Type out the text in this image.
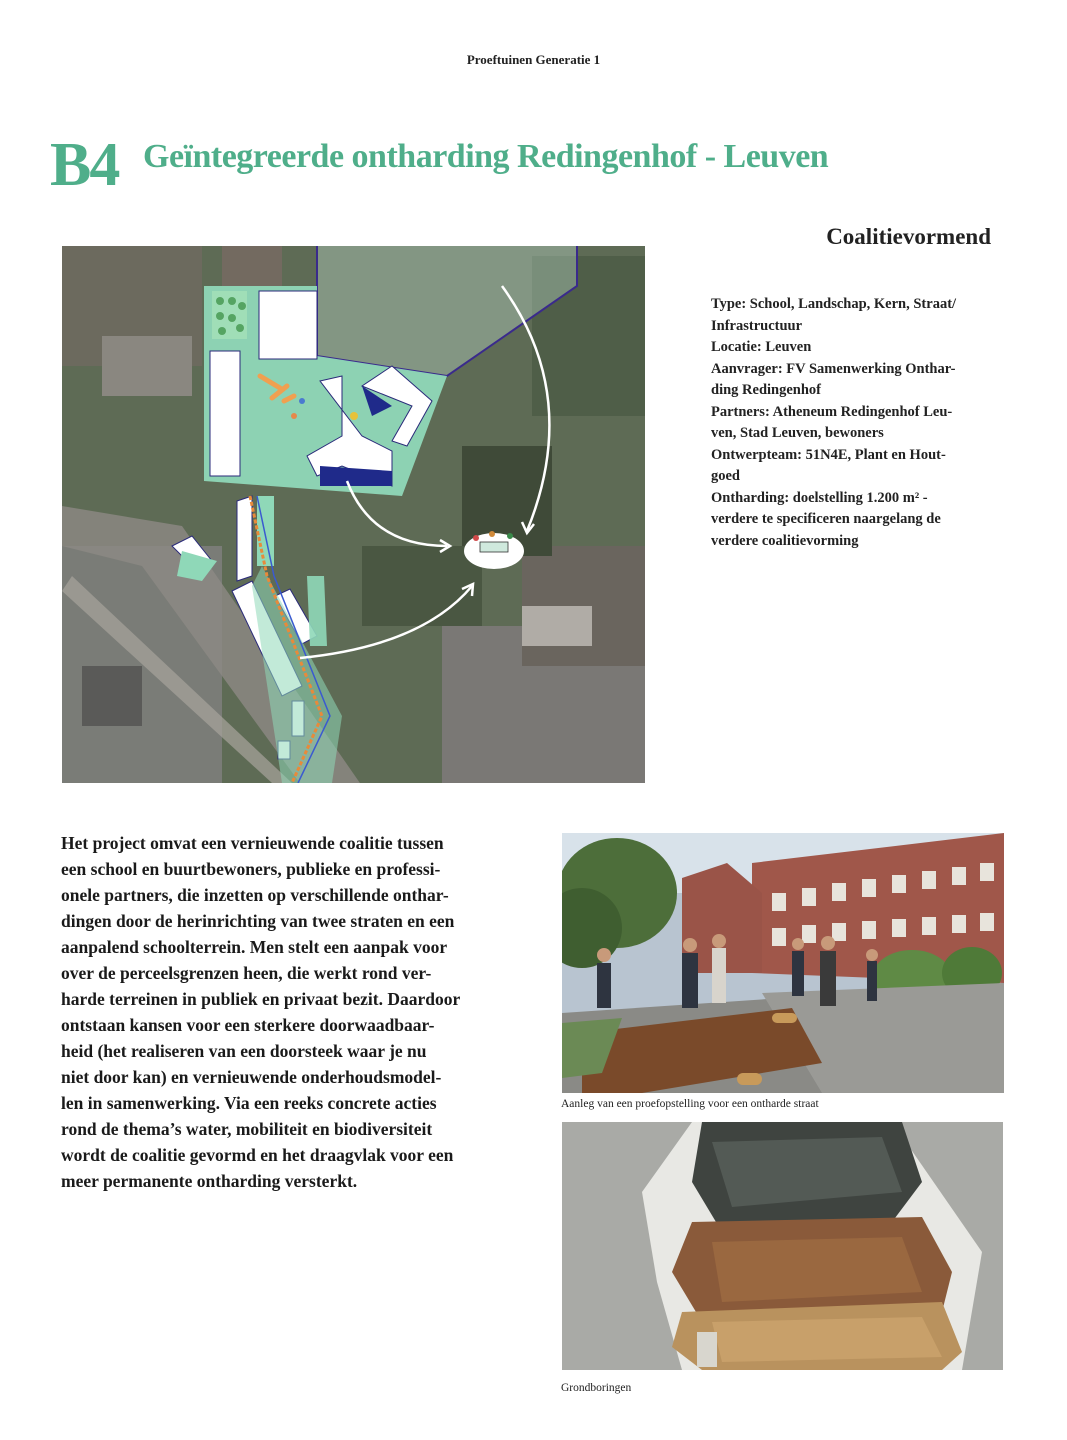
Proeftuinen Generatie 1
B4 Geïntegreerde ontharding Redingenhof - Leuven
Coalitievormend
Type: School, Landschap, Kern, Straat/
Infrastructuur
Locatie: Leuven
Aanvrager: FV Samenwerking Onthar-
ding Redingenhof
Partners: Atheneum Redingenhof Leu-
ven, Stad Leuven, bewoners
Ontwerpteam: 51N4E, Plant en Hout-
goed
Ontharding: doelstelling 1.200 m² -
verdere te specificeren naargelang de
verdere coalitievorming
Het project omvat een vernieuwende coalitie tussen
een school en buurtbewoners, publieke en professi-
onele partners, die inzetten op verschillende onthar-
dingen door de herinrichting van twee straten en een
aanpalend schoolterrein. Men stelt een aanpak voor
over de perceelsgrenzen heen, die werkt rond ver-
harde terreinen in publiek en privaat bezit. Daardoor
ontstaan kansen voor een sterkere doorwaadbaar-
heid (het realiseren van een doorsteek waar je nu
niet door kan) en vernieuwende onderhoudsmodel-
len in samenwerking. Via een reeks concrete acties
rond de thema’s water, mobiliteit en biodiversiteit
wordt de coalitie gevormd en het draagvlak voor een
meer permanente ontharding versterkt.
Aanleg van een proefopstelling voor een ontharde straat
Grondboringen
